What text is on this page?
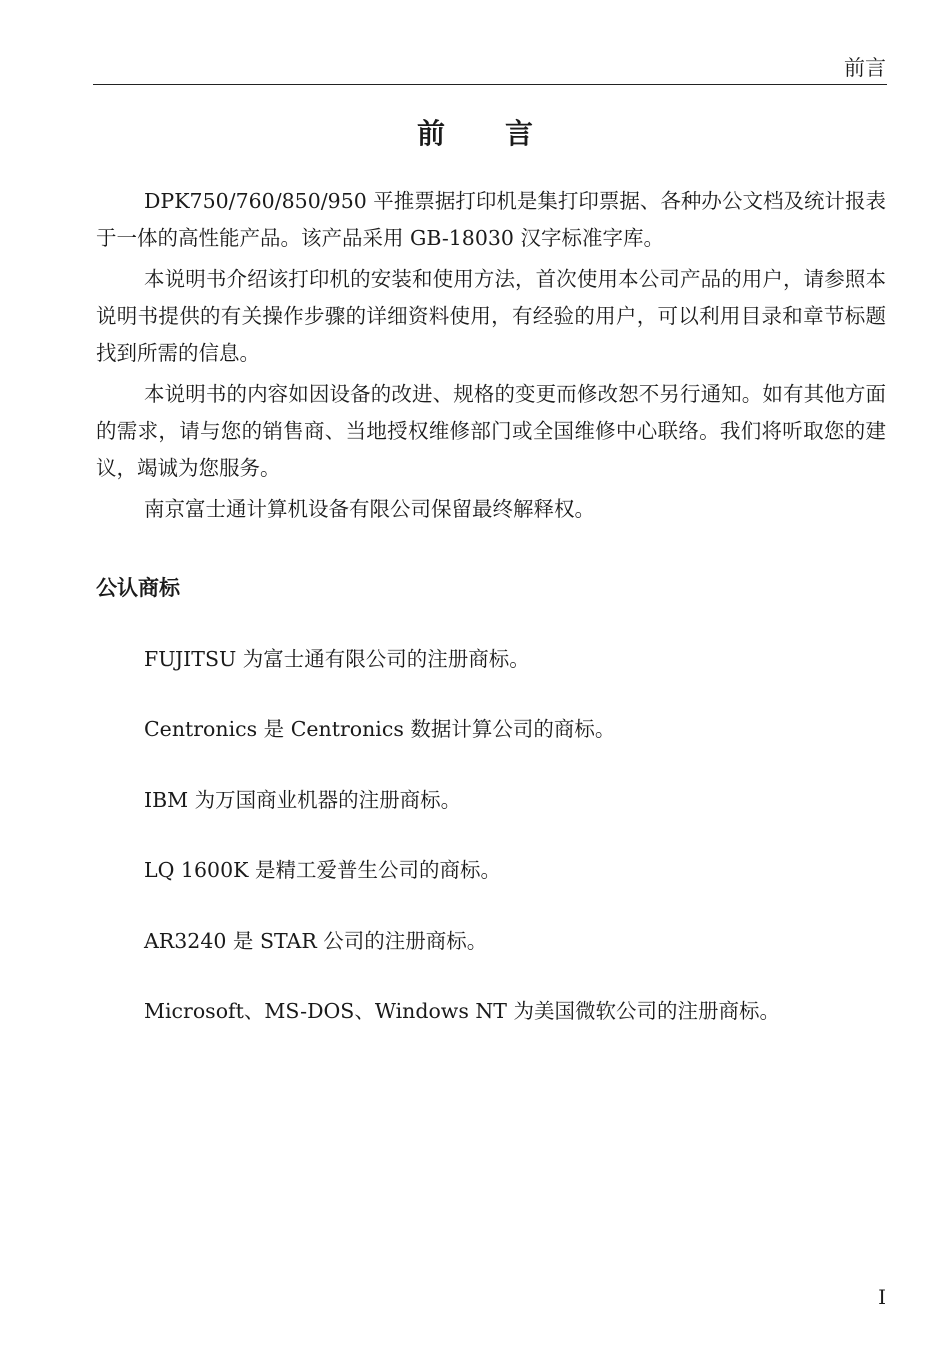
前言
前言

DPK750/760/850/950 平推票据打印机是集打印票据、各种办公文档及统计报表于一体的高性能产品。该产品采用 GB-18030 汉字标准字库。

本说明书介绍该打印机的安装和使用方法，首次使用本公司产品的用户，请参照本说明书提供的有关操作步骤的详细资料使用，有经验的用户，可以利用目录和章节标题找到所需的信息。

本说明书的内容如因设备的改进、规格的变更而修改恕不另行通知。如有其他方面的需求，请与您的销售商、当地授权维修部门或全国维修中心联络。我们将听取您的建议，竭诚为您服务。

南京富士通计算机设备有限公司保留最终解释权。

公认商标
FUJITSU 为富士通有限公司的注册商标。
Centronics 是 Centronics 数据计算公司的商标。
IBM 为万国商业机器的注册商标。
LQ 1600K 是精工爱普生公司的商标。
AR3240 是 STAR 公司的注册商标。
Microsoft、MS-DOS、Windows NT 为美国微软公司的注册商标。
I
